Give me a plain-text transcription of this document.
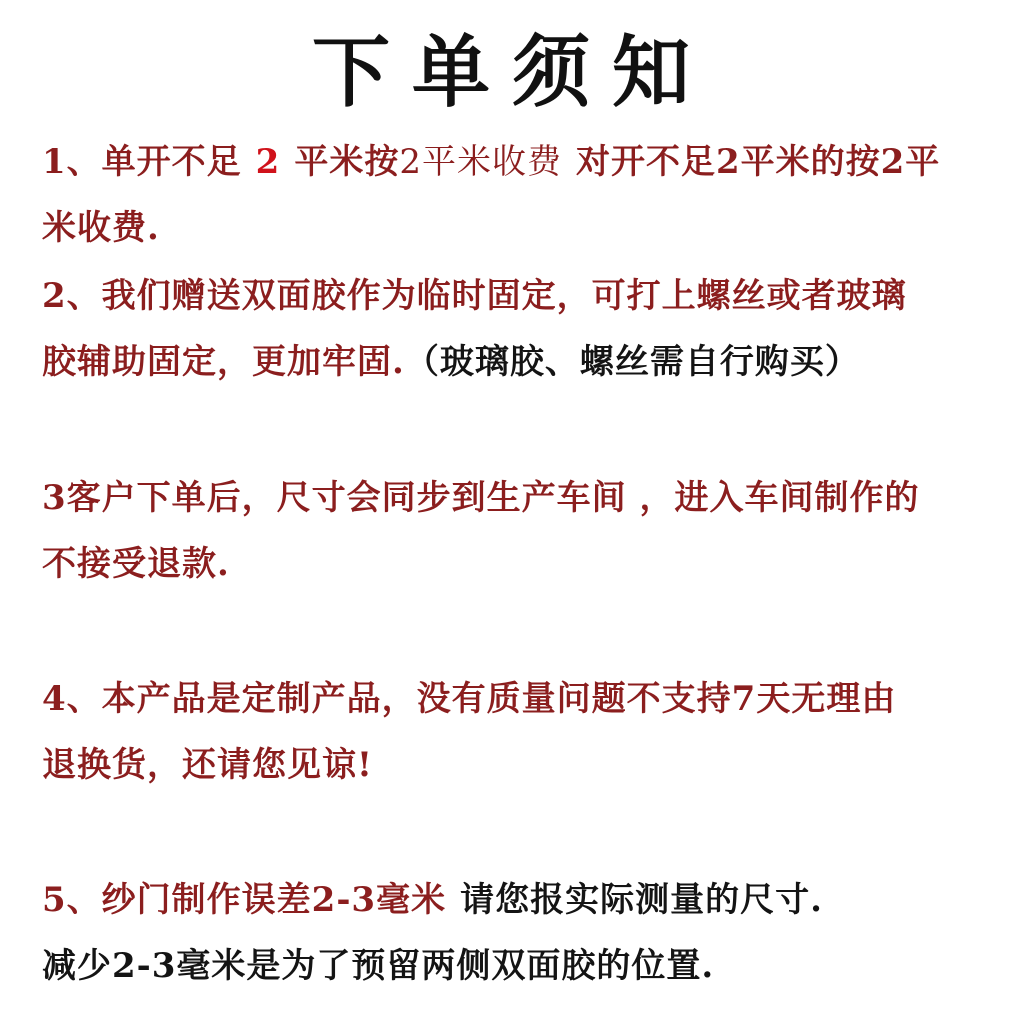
下单须知
1、单开不足 2 平米按2平米收费 对开不足2平米的按2平
米收费.
2、我们赠送双面胶作为临时固定，可打上螺丝或者玻璃
胶辅助固定，更加牢固.（玻璃胶、螺丝需自行购买）
3客户下单后，尺寸会同步到生产车间 ，进入车间制作的
不接受退款.
4、本产品是定制产品，没有质量问题不支持7天无理由
退换货，还请您见谅!
5、纱门制作误差2-3毫米 请您报实际测量的尺寸.
减少2-3毫米是为了预留两侧双面胶的位置.
